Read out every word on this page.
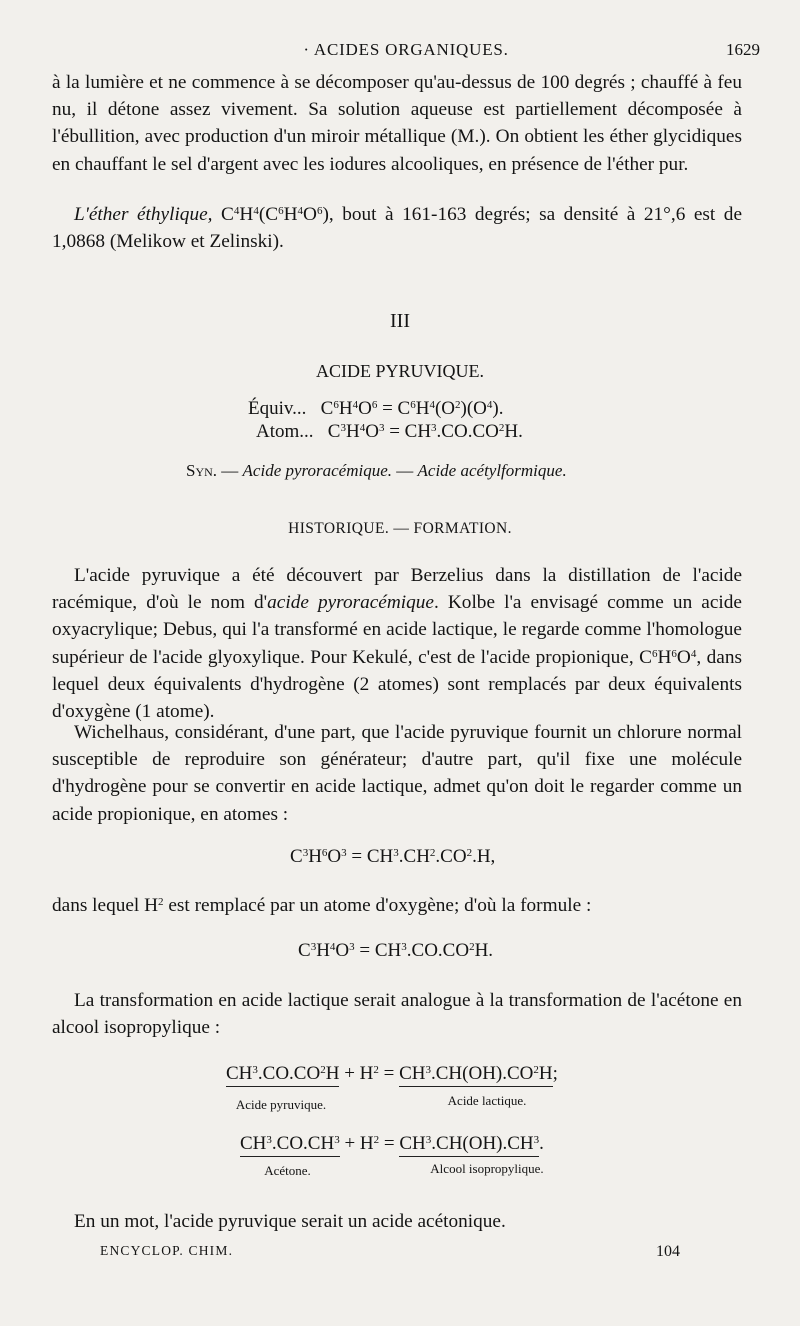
· ACIDES ORGANIQUES.	1629

à la lumière et ne commence à se décomposer qu'au-dessus de 100 degrés ; chauffé à feu nu, il détone assez vivement. Sa solution aqueuse est partiellement décomposée à l'ébullition, avec production d'un miroir métallique (M.). On obtient les éther glycidiques en chauffant le sel d'argent avec les iodures alcooliques, en présence de l'éther pur.

L'éther éthylique, $C^4H^4(C^6H^4O^6)$, bout à 161-163 degrés; sa densité à 21°,6 est de 1,0868 (Melikow et Zelinski).

III
ACIDE PYRUVIQUE.
Équiv...   $C^6H^4O^6 = C^6H^4(O^2)(O^4)$.
Atom...   $C^3H^4O^3 = CH^3.CO.CO^2H$.
Syn. — Acide pyroracémique. — Acide acétylformique.
HISTORIQUE. — FORMATION.

L'acide pyruvique a été découvert par Berzelius dans la distillation de l'acide racémique, d'où le nom d'acide pyroracémique. Kolbe l'a envisagé comme un acide oxyacrylique; Debus, qui l'a transformé en acide lactique, le regarde comme l'homologue supérieur de l'acide glyoxylique. Pour Kekulé, c'est de l'acide propionique, $C^6H^6O^4$, dans lequel deux équivalents d'hydrogène (2 atomes) sont remplacés par deux équivalents d'oxygène (1 atome).

Wichelhaus, considérant, d'une part, que l'acide pyruvique fournit un chlorure normal susceptible de reproduire son générateur; d'autre part, qu'il fixe une molécule d'hydrogène pour se convertir en acide lactique, admet qu'on doit le regarder comme un acide propionique, en atomes :

$C^3H^6O^3 = CH^3.CH^2.CO^2.H$,

dans lequel $H^2$ est remplacé par un atome d'oxygène; d'où la formule :

$C^3H^4O^3 = CH^3.CO.CO^2H$.

La transformation en acide lactique serait analogue à la transformation de l'acétone en alcool isopropylique :

$CH^3.CO.CO^2H + H^2 = CH^3.CH(OH).CO^2H$;
Acide pyruvique.	Acide lactique.
$CH^3.CO.CH^3 + H^2 = CH^3.CH(OH).CH^3$.
Acétone.	Alcool isopropylique.

En un mot, l'acide pyruvique serait un acide acétonique.

ENCYCLOP. CHIM.	104
